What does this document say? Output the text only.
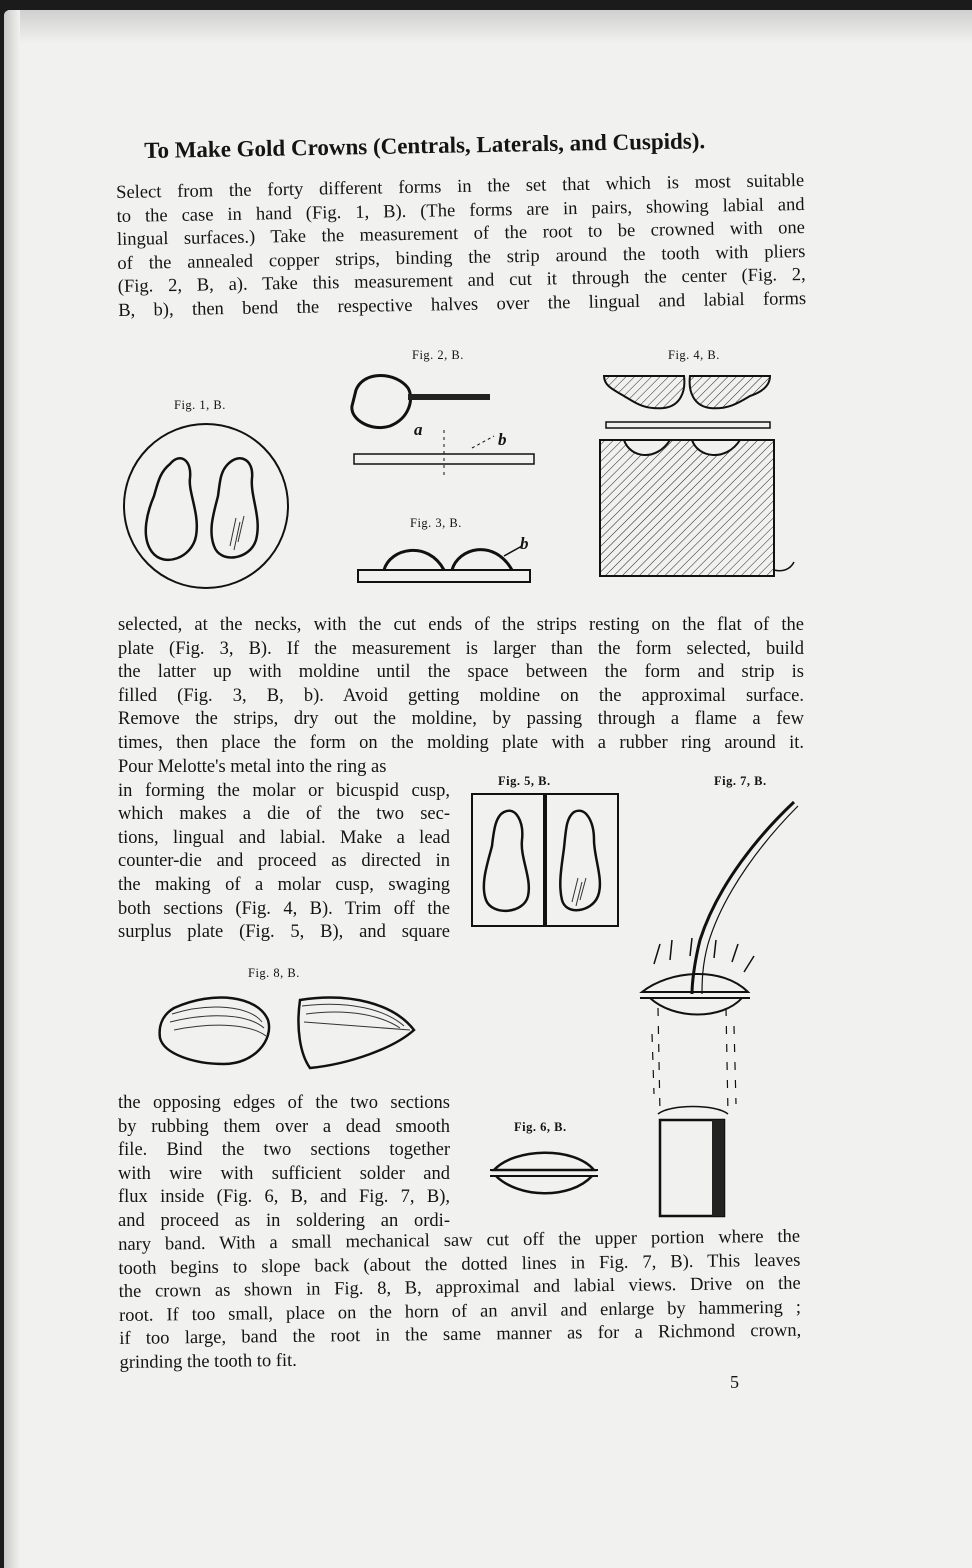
To Make Gold Crowns (Centrals, Laterals, and Cuspids).
Select from the forty different forms in the set that which is most suitable
to the case in hand (Fig. 1, B). (The forms are in pairs, showing labial and
lingual surfaces.) Take the measurement of the root to be crowned with one
of the annealed copper strips, binding the strip around the tooth with pliers
(Fig. 2, B, a). Take this measurement and cut it through the center (Fig. 2,
B, b), then bend the respective halves over the lingual and labial forms
Fig. 1, B.
Fig. 2, B.
a
b
Fig. 3, B.
b
Fig. 4, B.
selected, at the necks, with the cut ends of the strips resting on the flat of the
plate (Fig. 3, B). If the measurement is larger than the form selected, build
the latter up with moldine until the space between the form and strip is
filled (Fig. 3, B, b). Avoid getting moldine on the approximal surface.
Remove the strips, dry out the moldine, by passing through a flame a few
times, then place the form on the molding plate with a rubber ring around it.
Pour Melotte's metal into the ring as
in forming the molar or bicuspid cusp,
which makes a die of the two sec-
tions, lingual and labial. Make a lead
counter-die and proceed as directed in
the making of a molar cusp, swaging
both sections (Fig. 4, B). Trim off the
surplus plate (Fig. 5, B), and square
Fig. 5, B.	Fig. 7, B.
Fig. 8, B.
the opposing edges of the two sections
by rubbing them over a dead smooth
file. Bind the two sections together
with wire with sufficient solder and
flux inside (Fig. 6, B, and Fig. 7, B),
and proceed as in soldering an ordi-
Fig. 6, B.
nary band. With a small mechanical saw cut off the upper portion where the
tooth begins to slope back (about the dotted lines in Fig. 7, B). This leaves
the crown as shown in Fig. 8, B, approximal and labial views. Drive on the
root. If too small, place on the horn of an anvil and enlarge by hammering ;
if too large, band the root in the same manner as for a Richmond crown,
grinding the tooth to fit.
5
